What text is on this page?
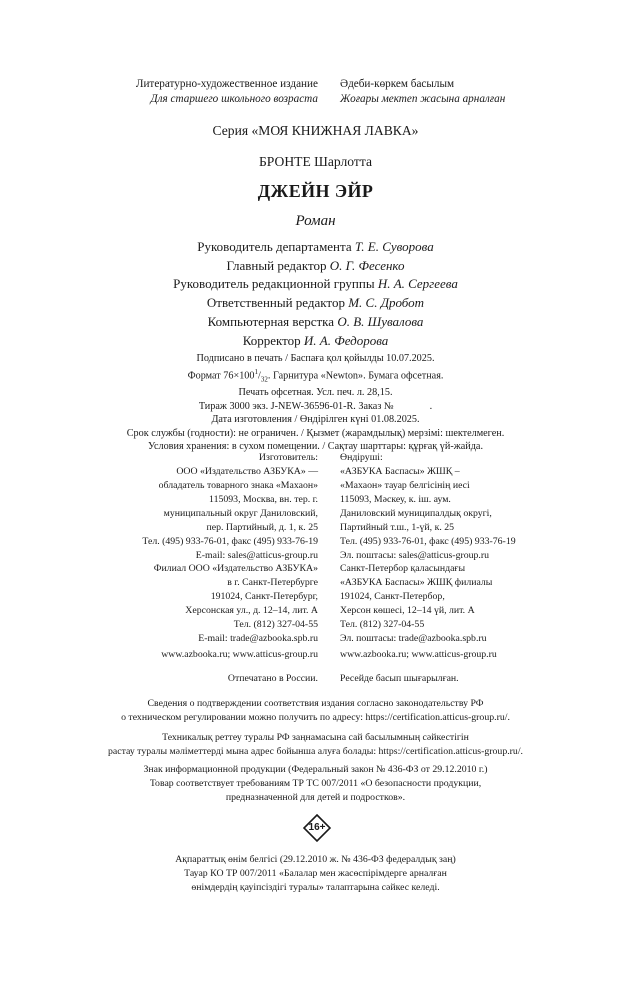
Литературно-художественное издание
Для старшего школьного возраста
Әдеби-көркем басылым
Жоғары мектеп жасына арналған
Серия «МОЯ КНИЖНАЯ ЛАВКА»
БРОНТЕ Шарлотта
ДЖЕЙН ЭЙР
Роман
Руководитель департамента Т. Е. Суворова
Главный редактор О. Г. Фесенко
Руководитель редакционной группы Н. А. Сергеева
Ответственный редактор М. С. Дробот
Компьютерная верстка О. В. Шувалова
Корректор И. А. Федорова
Подписано в печать / Баспаға қол қойылды 10.07.2025.
Формат $76\times 100^1/_{32}$. Гарнитура «Newton». Бумага офсетная.
Печать офсетная. Усл. печ. л. 28,15.
Тираж 3000 экз. J-NEW-36596-01-R. Заказ №	.
Дата изготовления / Өндірілген күні 01.08.2025.
Срок службы (годности): не ограничен. / Қызмет (жарамдылық) мерзімі: шектелмеген.
Условия хранения: в сухом помещении. / Сақтау шарттары: құрғақ үй-жайда.
Изготовитель:
ООО «Издательство АЗБУКА» —
обладатель товарного знака «Махаон»
115093, Москва, вн. тер. г.
муниципальный округ Даниловский,
пер. Партийный, д. 1, к. 25
Тел. (495) 933-76-01, факс (495) 933-76-19
E-mail: sales@atticus-group.ru
Өндіруші:
«АЗБУКА Баспасы» ЖШҚ –
«Махаон» тауар белгісінің иесі
115093, Мәскеу, к. іш. аум.
Даниловский муниципалдық округі,
Партийный т.ш., 1-үй, к. 25
Тел. (495) 933-76-01, факс (495) 933-76-19
Эл. поштасы: sales@atticus-group.ru
Филиал ООО «Издательство АЗБУКА»
в г. Санкт-Петербурге
191024, Санкт-Петербург,
Херсонская ул., д. 12–14, лит. А
Тел. (812) 327-04-55
E-mail: trade@azbooka.spb.ru
Санкт-Петербор қаласындағы
«АЗБУКА Баспасы» ЖШҚ филиалы
191024, Санкт-Петербор,
Херсон көшесі, 12–14 үй, лит. А
Тел. (812) 327-04-55
Эл. поштасы: trade@azbooka.spb.ru
www.azbooka.ru; www.atticus-group.ru www.azbooka.ru; www.atticus-group.ru
Отпечатано в России. Ресейде басып шығарылған.
Сведения о подтверждении соответствия издания согласно законодательству РФ
о техническом регулировании можно получить по адресу: https://certification.atticus-group.ru/.
Техникалық реттеу туралы РФ заңнамасына сай басылымның сәйкестігін
растау туралы мәліметтерді мына адрес бойынша алуға болады: https://certification.atticus-group.ru/.
Знак информационной продукции (Федеральный закон № 436-ФЗ от 29.12.2010 г.)
Товар соответствует требованиям ТР ТС 007/2011 «О безопасности продукции,
предназначенной для детей и подростков».
16+
Ақпараттық өнім белгісі (29.12.2010 ж. № 436-ФЗ федералдық заң)
Тауар КО ТР 007/2011 «Балалар мен жасөспірімдерге арналған
өнімдердің қауіпсіздігі туралы» талаптарына сәйкес келеді.
